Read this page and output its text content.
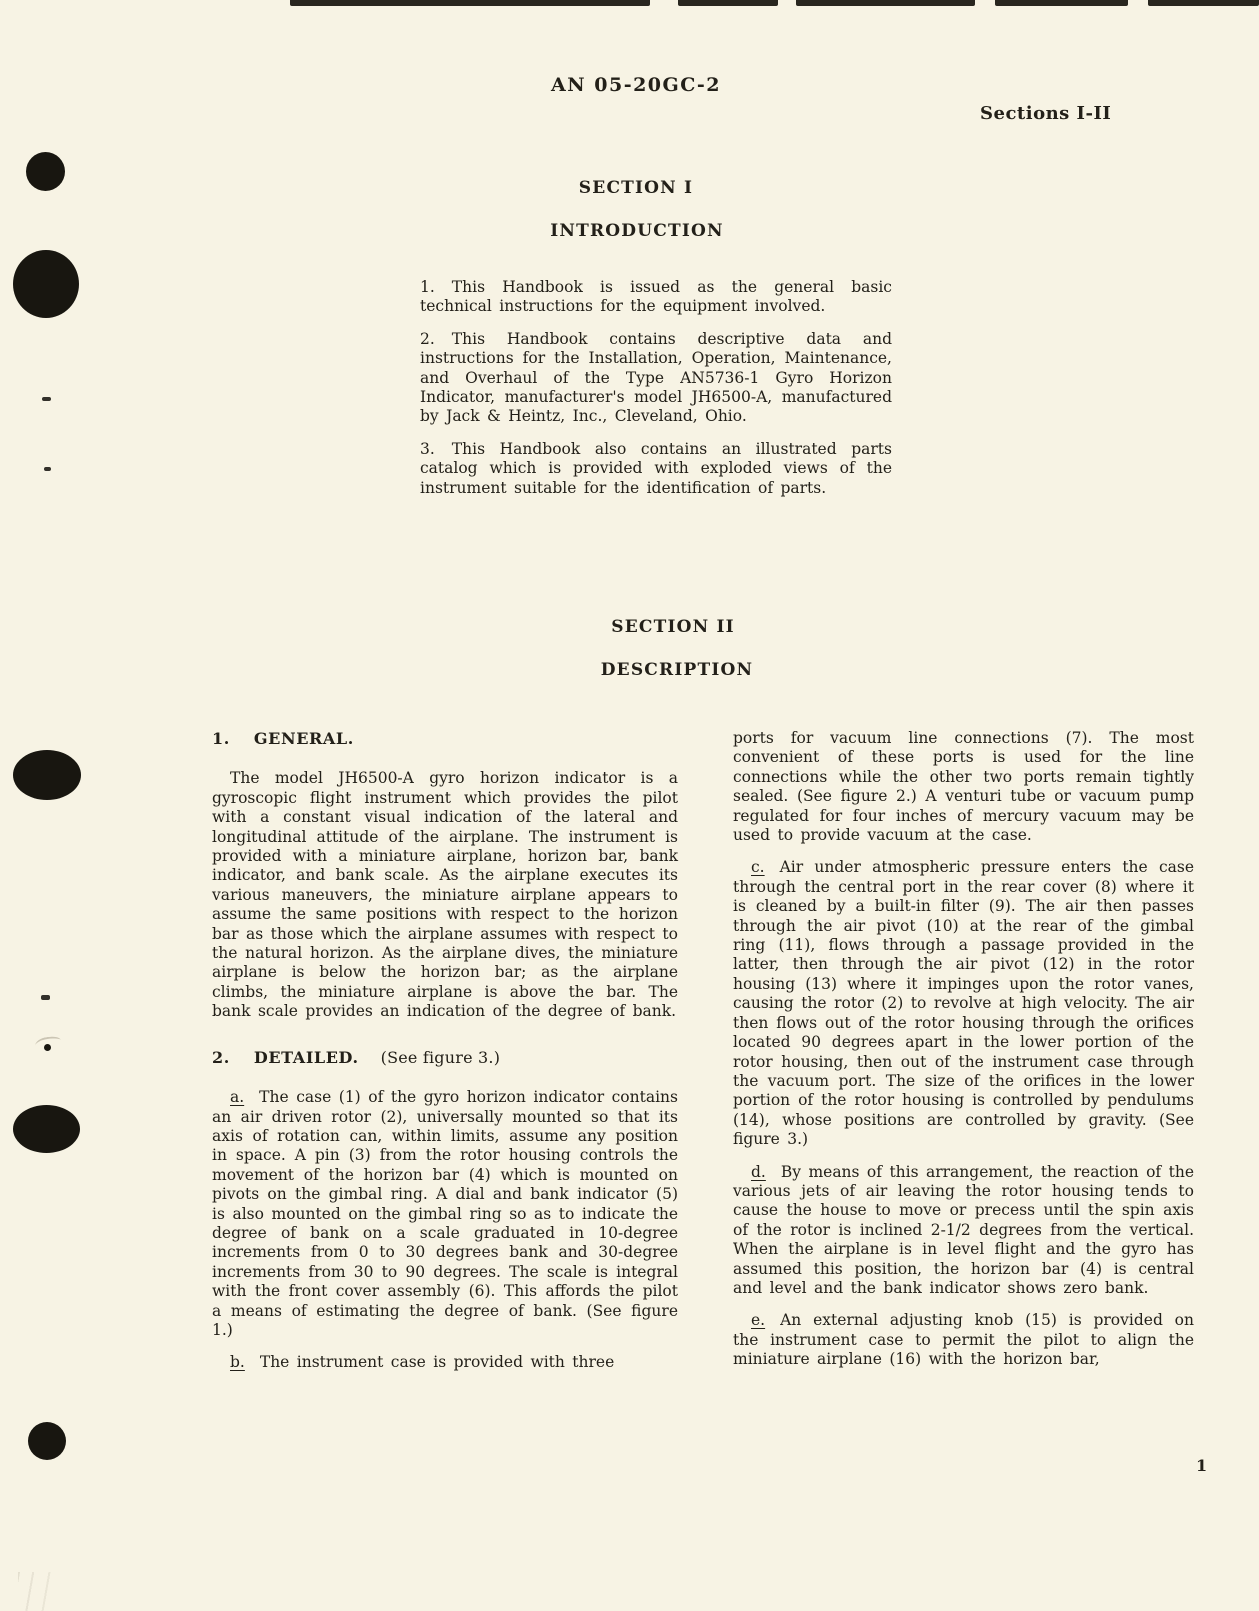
AN 05-20GC-2
Sections I-II
SECTION I
INTRODUCTION

1. This Handbook is issued as the general basic technical instructions for the equipment involved.

2. This Handbook contains descriptive data and instructions for the Installation, Operation, Maintenance, and Overhaul of the Type AN5736-1 Gyro Horizon Indicator, manufacturer's model JH6500-A, manufactured by Jack & Heintz, Inc., Cleveland, Ohio.

3. This Handbook also contains an illustrated parts catalog which is provided with exploded views of the instrument suitable for the identification of parts.

SECTION II
DESCRIPTION

1. GENERAL.

The model JH6500-A gyro horizon indicator is a gyroscopic flight instrument which provides the pilot with a constant visual indication of the lateral and longitudinal attitude of the airplane. The instrument is provided with a miniature airplane, horizon bar, bank indicator, and bank scale. As the airplane executes its various maneuvers, the miniature airplane appears to assume the same positions with respect to the horizon bar as those which the airplane assumes with respect to the natural horizon. As the airplane dives, the miniature airplane is below the horizon bar; as the airplane climbs, the miniature airplane is above the bar. The bank scale provides an indication of the degree of bank.

2. DETAILED. (See figure 3.)

a. The case (1) of the gyro horizon indicator contains an air driven rotor (2), universally mounted so that its axis of rotation can, within limits, assume any position in space. A pin (3) from the rotor housing controls the movement of the horizon bar (4) which is mounted on pivots on the gimbal ring. A dial and bank indicator (5) is also mounted on the gimbal ring so as to indicate the degree of bank on a scale graduated in 10-degree increments from 0 to 30 degrees bank and 30-degree increments from 30 to 90 degrees. The scale is integral with the front cover assembly (6). This affords the pilot a means of estimating the degree of bank. (See figure 1.)

b. The instrument case is provided with three

ports for vacuum line connections (7). The most convenient of these ports is used for the line connections while the other two ports remain tightly sealed. (See figure 2.) A venturi tube or vacuum pump regulated for four inches of mercury vacuum may be used to provide vacuum at the case.

c. Air under atmospheric pressure enters the case through the central port in the rear cover (8) where it is cleaned by a built-in filter (9). The air then passes through the air pivot (10) at the rear of the gimbal ring (11), flows through a passage provided in the latter, then through the air pivot (12) in the rotor housing (13) where it impinges upon the rotor vanes, causing the rotor (2) to revolve at high velocity. The air then flows out of the rotor housing through the orifices located 90 degrees apart in the lower portion of the rotor housing, then out of the instrument case through the vacuum port. The size of the orifices in the lower portion of the rotor housing is controlled by pendulums (14), whose positions are controlled by gravity. (See figure 3.)

d. By means of this arrangement, the reaction of the various jets of air leaving the rotor housing tends to cause the house to move or precess until the spin axis of the rotor is inclined 2-1/2 degrees from the vertical. When the airplane is in level flight and the gyro has assumed this position, the horizon bar (4) is central and level and the bank indicator shows zero bank.

e. An external adjusting knob (15) is provided on the instrument case to permit the pilot to align the miniature airplane (16) with the horizon bar,

1
